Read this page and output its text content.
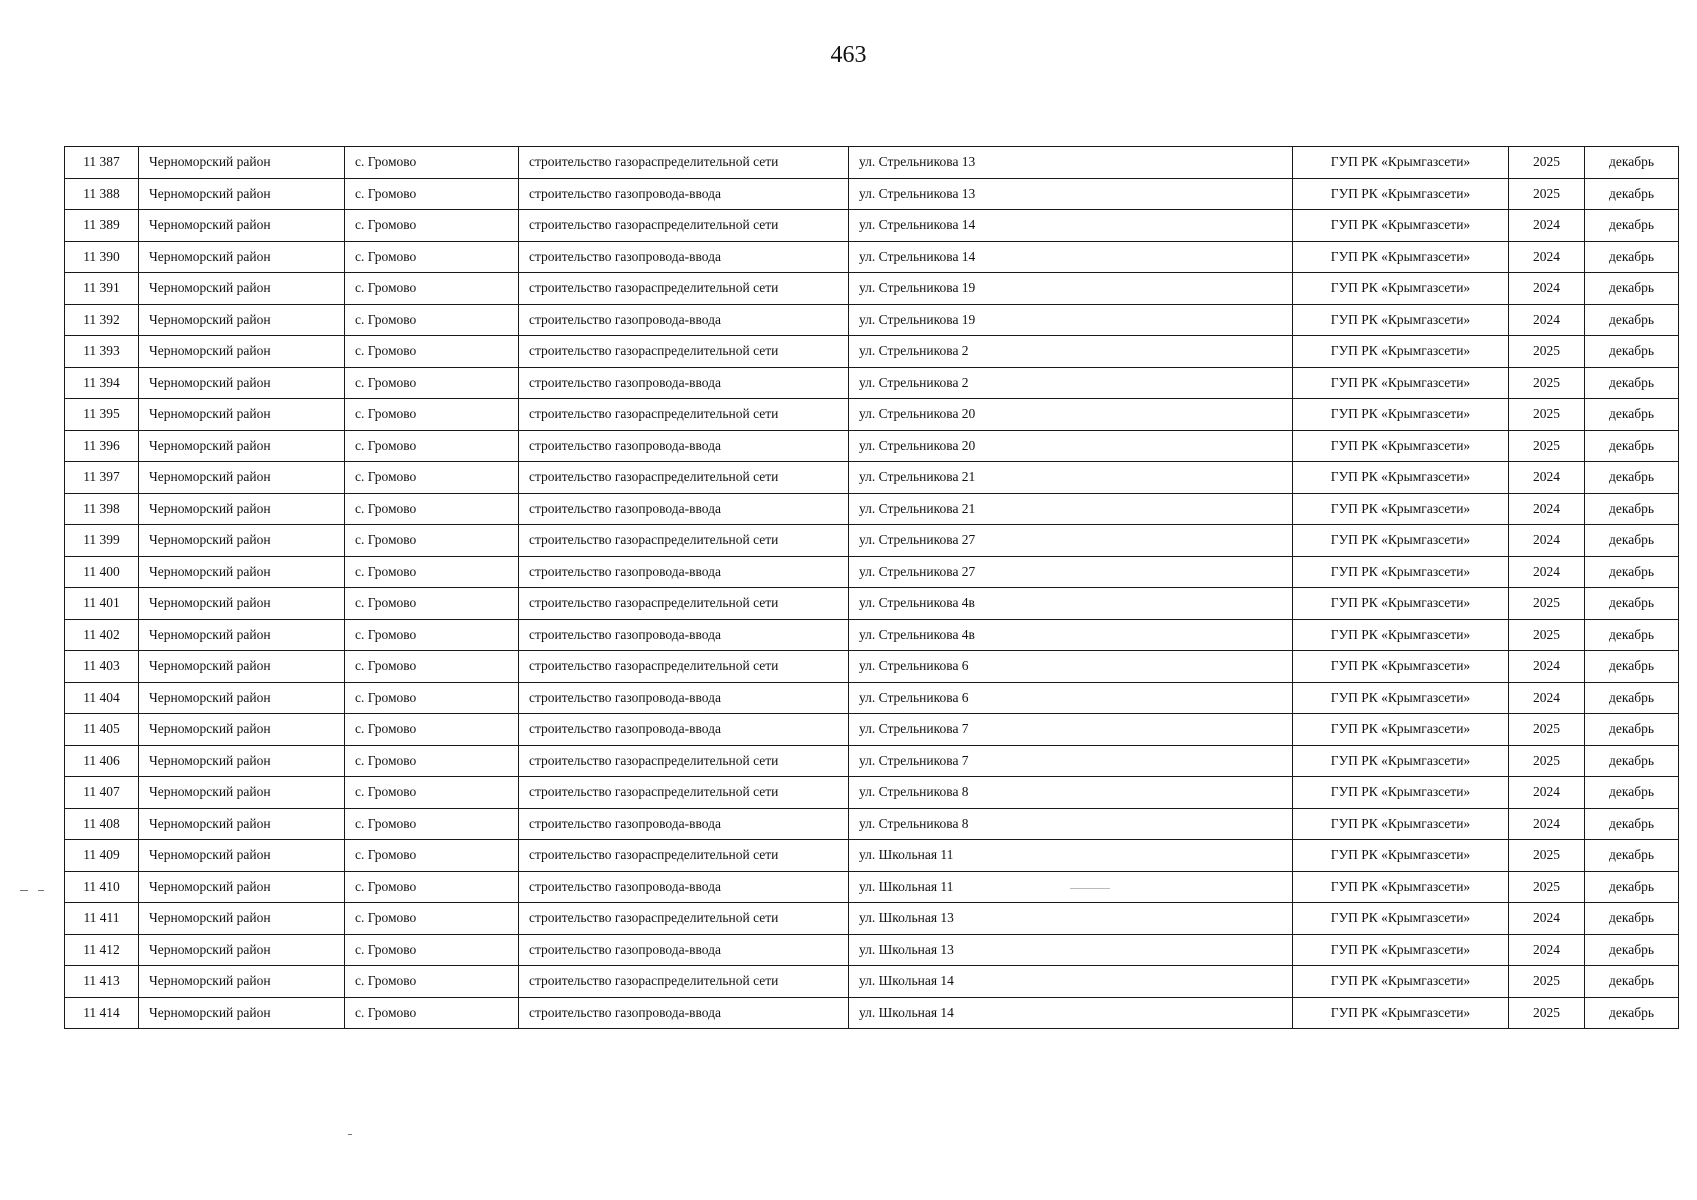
463
11 387	Черноморский район	с. Громово	строительство газораспределительной сети	ул. Стрельникова 13	ГУП РК «Крымгазсети»	2025	декабрь
11 388	Черноморский район	с. Громово	строительство газопровода-ввода	ул. Стрельникова 13	ГУП РК «Крымгазсети»	2025	декабрь
11 389	Черноморский район	с. Громово	строительство газораспределительной сети	ул. Стрельникова 14	ГУП РК «Крымгазсети»	2024	декабрь
11 390	Черноморский район	с. Громово	строительство газопровода-ввода	ул. Стрельникова 14	ГУП РК «Крымгазсети»	2024	декабрь
11 391	Черноморский район	с. Громово	строительство газораспределительной сети	ул. Стрельникова 19	ГУП РК «Крымгазсети»	2024	декабрь
11 392	Черноморский район	с. Громово	строительство газопровода-ввода	ул. Стрельникова 19	ГУП РК «Крымгазсети»	2024	декабрь
11 393	Черноморский район	с. Громово	строительство газораспределительной сети	ул. Стрельникова 2	ГУП РК «Крымгазсети»	2025	декабрь
11 394	Черноморский район	с. Громово	строительство газопровода-ввода	ул. Стрельникова 2	ГУП РК «Крымгазсети»	2025	декабрь
11 395	Черноморский район	с. Громово	строительство газораспределительной сети	ул. Стрельникова 20	ГУП РК «Крымгазсети»	2025	декабрь
11 396	Черноморский район	с. Громово	строительство газопровода-ввода	ул. Стрельникова 20	ГУП РК «Крымгазсети»	2025	декабрь
11 397	Черноморский район	с. Громово	строительство газораспределительной сети	ул. Стрельникова 21	ГУП РК «Крымгазсети»	2024	декабрь
11 398	Черноморский район	с. Громово	строительство газопровода-ввода	ул. Стрельникова 21	ГУП РК «Крымгазсети»	2024	декабрь
11 399	Черноморский район	с. Громово	строительство газораспределительной сети	ул. Стрельникова 27	ГУП РК «Крымгазсети»	2024	декабрь
11 400	Черноморский район	с. Громово	строительство газопровода-ввода	ул. Стрельникова 27	ГУП РК «Крымгазсети»	2024	декабрь
11 401	Черноморский район	с. Громово	строительство газораспределительной сети	ул. Стрельникова 4в	ГУП РК «Крымгазсети»	2025	декабрь
11 402	Черноморский район	с. Громово	строительство газопровода-ввода	ул. Стрельникова 4в	ГУП РК «Крымгазсети»	2025	декабрь
11 403	Черноморский район	с. Громово	строительство газораспределительной сети	ул. Стрельникова 6	ГУП РК «Крымгазсети»	2024	декабрь
11 404	Черноморский район	с. Громово	строительство газопровода-ввода	ул. Стрельникова 6	ГУП РК «Крымгазсети»	2024	декабрь
11 405	Черноморский район	с. Громово	строительство газопровода-ввода	ул. Стрельникова 7	ГУП РК «Крымгазсети»	2025	декабрь
11 406	Черноморский район	с. Громово	строительство газораспределительной сети	ул. Стрельникова 7	ГУП РК «Крымгазсети»	2025	декабрь
11 407	Черноморский район	с. Громово	строительство газораспределительной сети	ул. Стрельникова 8	ГУП РК «Крымгазсети»	2024	декабрь
11 408	Черноморский район	с. Громово	строительство газопровода-ввода	ул. Стрельникова 8	ГУП РК «Крымгазсети»	2024	декабрь
11 409	Черноморский район	с. Громово	строительство газораспределительной сети	ул. Школьная 11	ГУП РК «Крымгазсети»	2025	декабрь
11 410	Черноморский район	с. Громово	строительство газопровода-ввода	ул. Школьная 11	ГУП РК «Крымгазсети»	2025	декабрь
11 411	Черноморский район	с. Громово	строительство газораспределительной сети	ул. Школьная 13	ГУП РК «Крымгазсети»	2024	декабрь
11 412	Черноморский район	с. Громово	строительство газопровода-ввода	ул. Школьная 13	ГУП РК «Крымгазсети»	2024	декабрь
11 413	Черноморский район	с. Громово	строительство газораспределительной сети	ул. Школьная 14	ГУП РК «Крымгазсети»	2025	декабрь
11 414	Черноморский район	с. Громово	строительство газопровода-ввода	ул. Школьная 14	ГУП РК «Крымгазсети»	2025	декабрь
